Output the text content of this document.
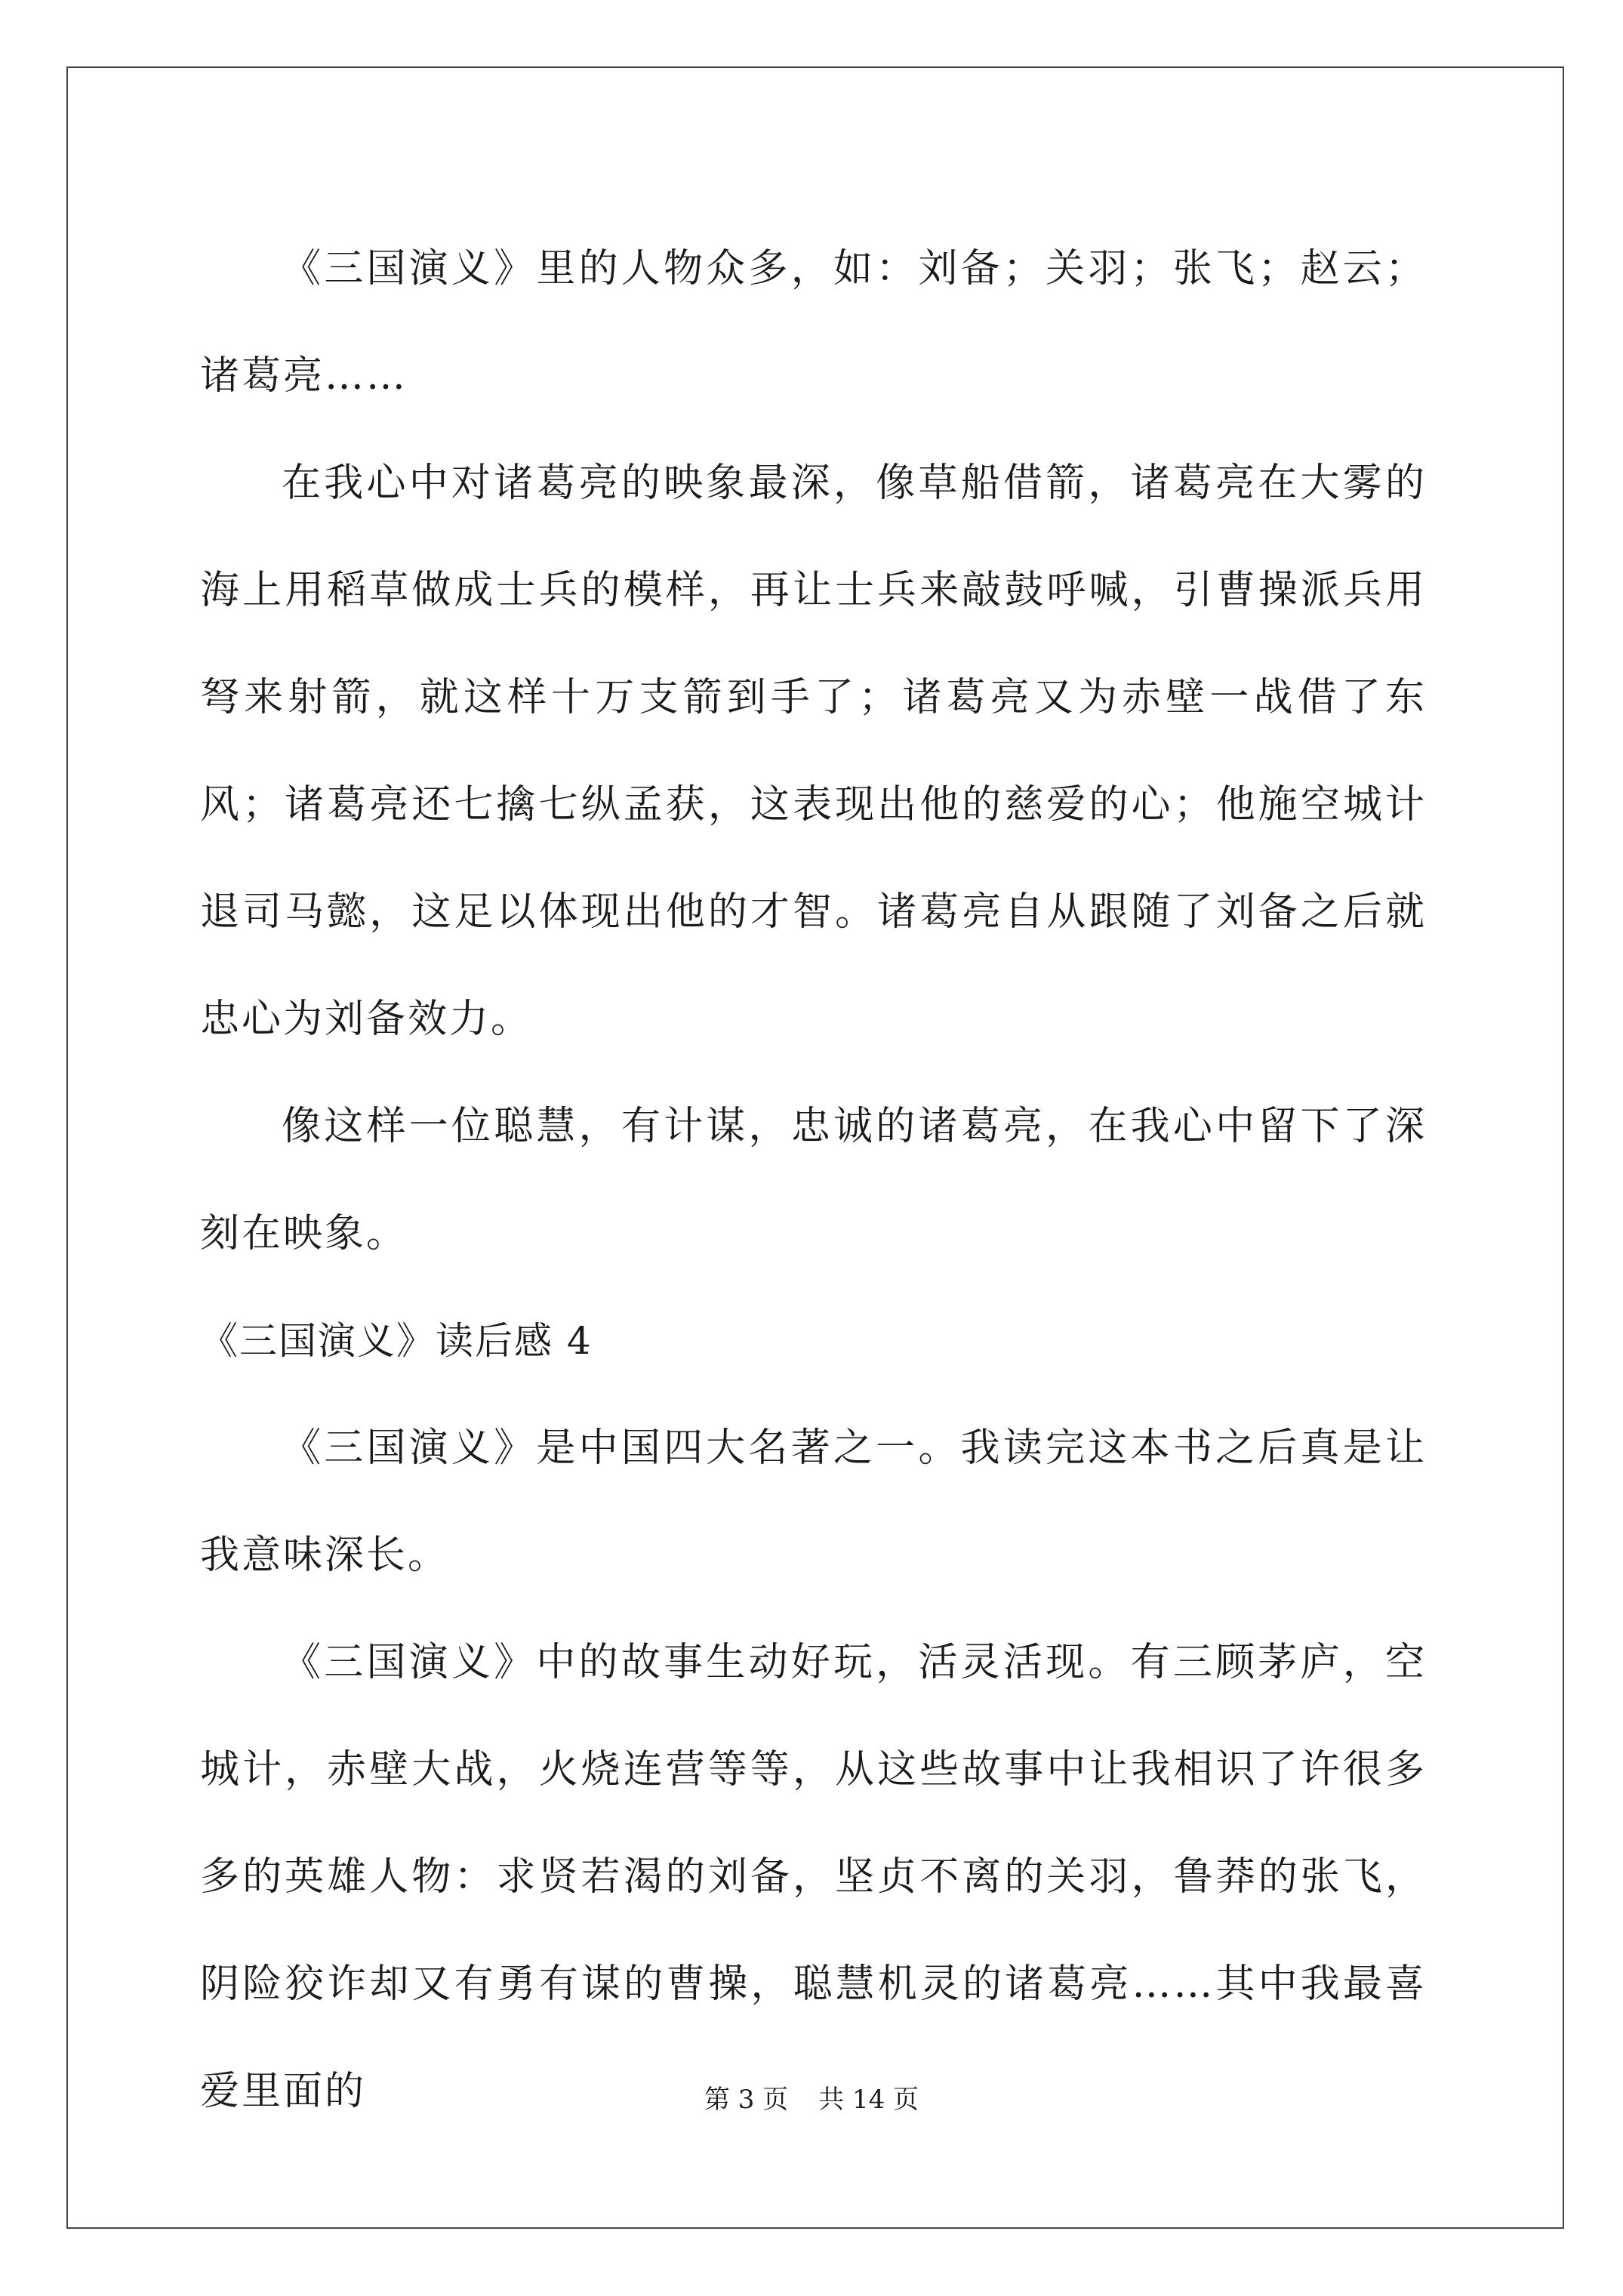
《三国演义》里的人物众多，如：刘备；关羽；张飞；赵云；诸葛亮……

在我心中对诸葛亮的映象最深，像草船借箭，诸葛亮在大雾的海上用稻草做成士兵的模样，再让士兵来敲鼓呼喊，引曹操派兵用弩来射箭，就这样十万支箭到手了；诸葛亮又为赤壁一战借了东风；诸葛亮还七擒七纵孟获，这表现出他的慈爱的心；他施空城计退司马懿，这足以体现出他的才智。诸葛亮自从跟随了刘备之后就忠心为刘备效力。

像这样一位聪慧，有计谋，忠诚的诸葛亮，在我心中留下了深刻在映象。

《三国演义》读后感 4

《三国演义》是中国四大名著之一。我读完这本书之后真是让我意味深长。

《三国演义》中的故事生动好玩，活灵活现。有三顾茅庐，空城计，赤壁大战，火烧连营等等，从这些故事中让我相识了许很多多的英雄人物：求贤若渴的刘备，坚贞不离的关羽，鲁莽的张飞，阴险狡诈却又有勇有谋的曹操，聪慧机灵的诸葛亮……其中我最喜爱里面的	第 3 页 共 14 页
